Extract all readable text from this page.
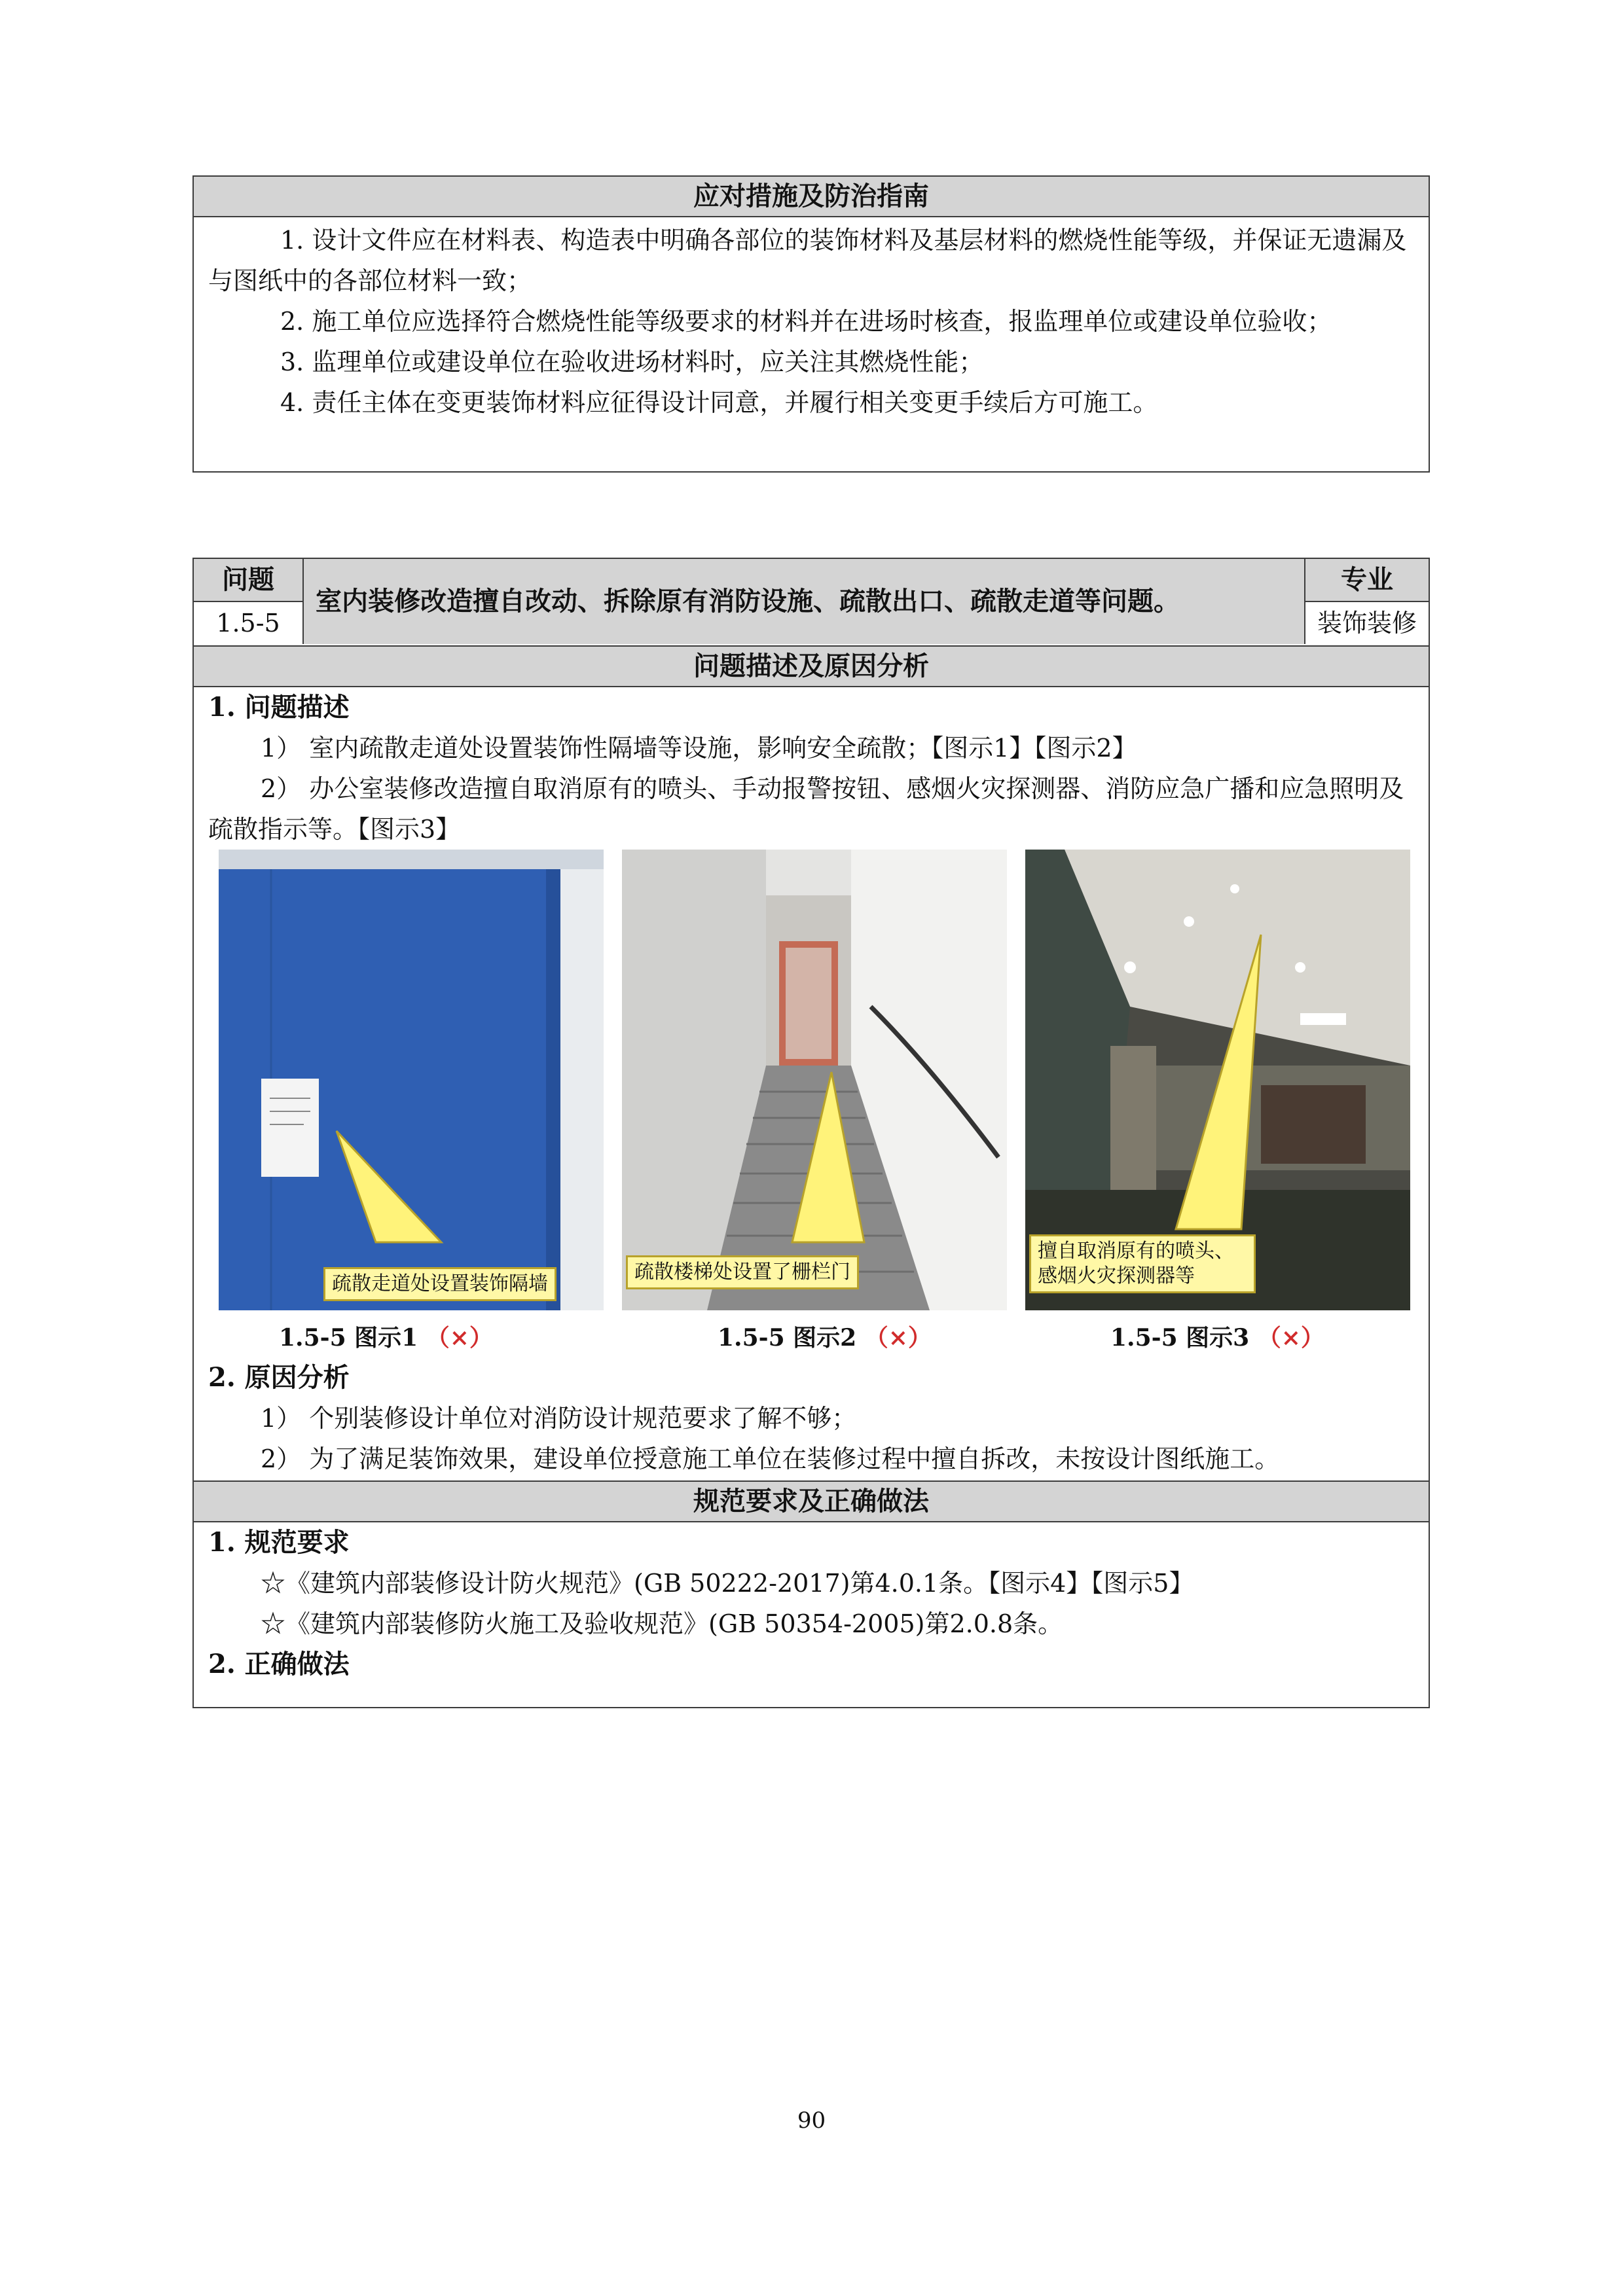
应对措施及防治指南
1. 设计文件应在材料表、构造表中明确各部位的装饰材料及基层材料的燃烧性能等级，并保证无遗漏及与图纸中的各部位材料一致；
2. 施工单位应选择符合燃烧性能等级要求的材料并在进场时核查，报监理单位或建设单位验收；
3. 监理单位或建设单位在验收进场材料时，应关注其燃烧性能；
4. 责任主体在变更装饰材料应征得设计同意，并履行相关变更手续后方可施工。
问题
1.5-5
室内装修改造擅自改动、拆除原有消防设施、疏散出口、疏散走道等问题。
专业
装饰装修
问题描述及原因分析
1. 问题描述
1） 室内疏散走道处设置装饰性隔墙等设施，影响安全疏散；【图示1】【图示2】
2） 办公室装修改造擅自取消原有的喷头、手动报警按钮、感烟火灾探测器、消防应急广播和应急照明及疏散指示等。【图示3】
疏散走道处设置装饰隔墙
疏散楼梯处设置了栅栏门
擅自取消原有的喷头、感烟火灾探测器等
1.5-5 图示1 （×）	1.5-5 图示2 （×）	1.5-5 图示3 （×）
2. 原因分析
1） 个别装修设计单位对消防设计规范要求了解不够；
2） 为了满足装饰效果，建设单位授意施工单位在装修过程中擅自拆改，未按设计图纸施工。
规范要求及正确做法
1. 规范要求
☆《建筑内部装修设计防火规范》(GB 50222-2017)第4.0.1条。【图示4】【图示5】
☆《建筑内部装修防火施工及验收规范》(GB 50354-2005)第2.0.8条。
2. 正确做法
90
